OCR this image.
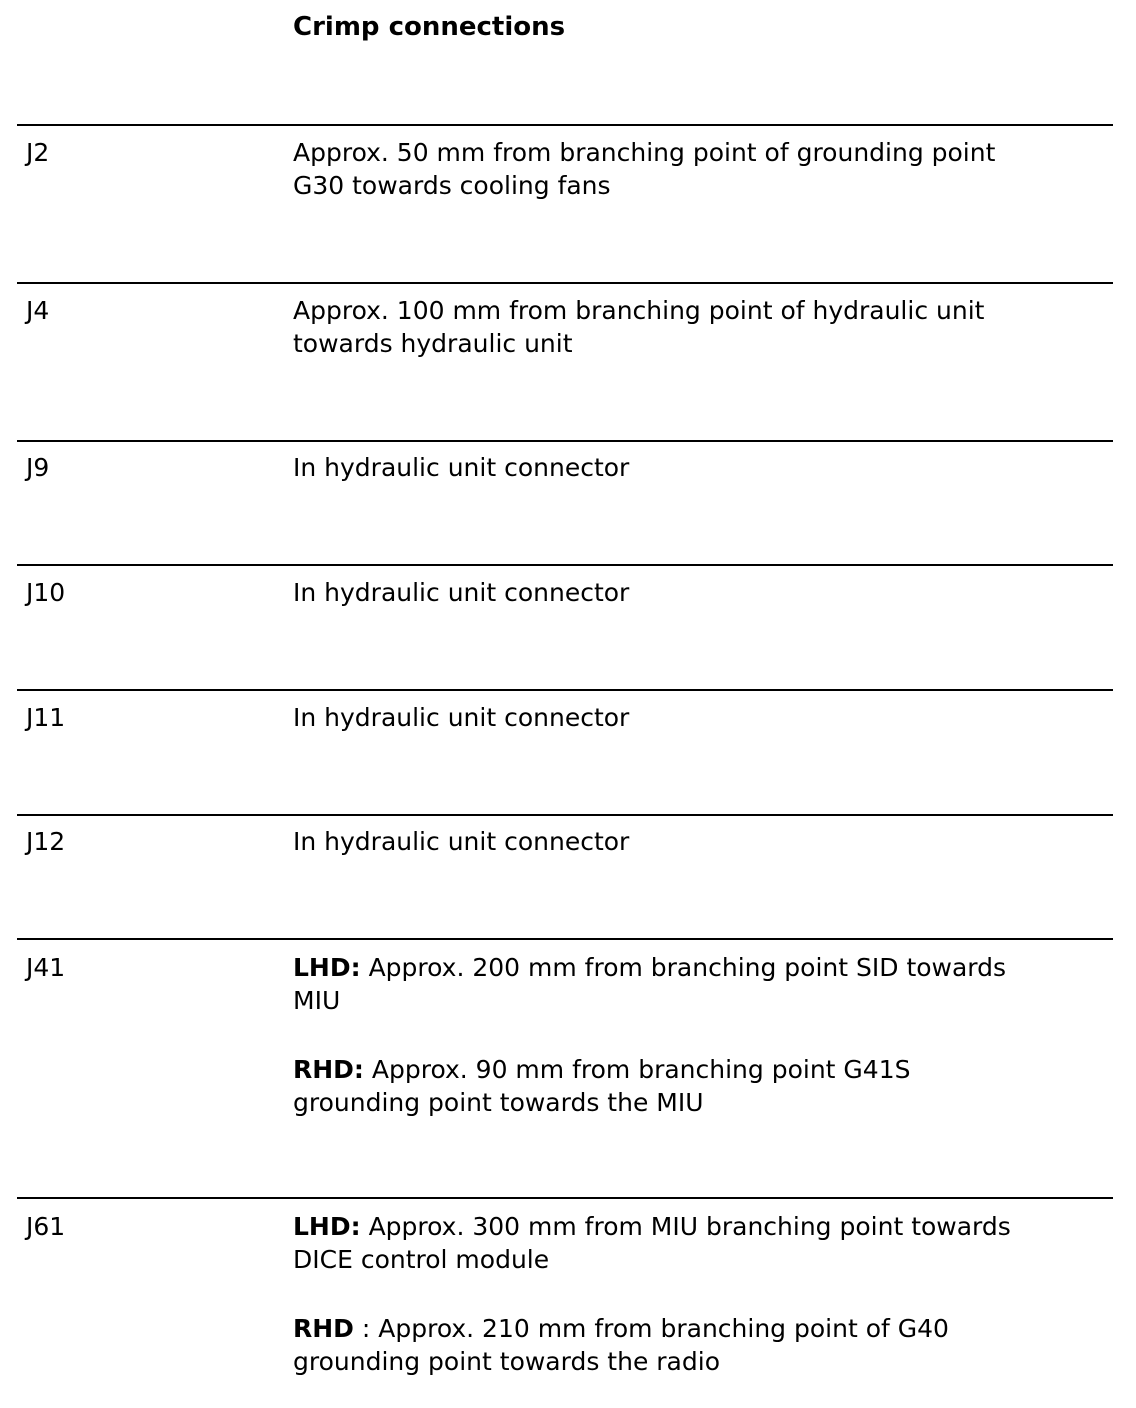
Crimp connections
J2	Approx. 50 mm from branching point of grounding point
G30 towards cooling fans

J4	Approx. 100 mm from branching point of hydraulic unit
towards hydraulic unit

J9	In hydraulic unit connector

J10	In hydraulic unit connector

J11	In hydraulic unit connector

J12	In hydraulic unit connector

J41	LHD: Approx. 200 mm from branching point SID towards
MIU

RHD: Approx. 90 mm from branching point G41S
grounding point towards the MIU

J61	LHD: Approx. 300 mm from MIU branching point towards
DICE control module

RHD : Approx. 210 mm from branching point of G40
grounding point towards the radio
